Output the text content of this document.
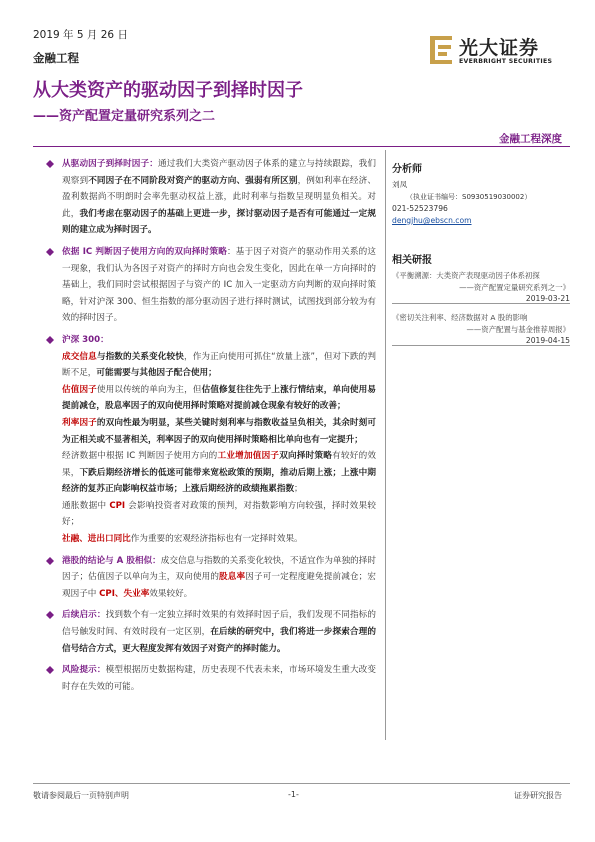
2019 年 5 月 26 日
金融工程	光大证券
EVERBRIGHT SECURITIES
从大类资产的驱动因子到择时因子
——资产配置定量研究系列之二
金融工程深度
从驱动因子到择时因子：通过我们大类资产驱动因子体系的建立与持续跟踪，我们观察到不同因子在不同阶段对资产的驱动方向、强弱有所区别，例如利率在经济、盈利数据尚不明朗时会率先驱动权益上涨，此时利率与指数呈现明显负相关。对此，我们考虑在驱动因子的基础上更进一步，探讨驱动因子是否有可能通过一定规则的建立成为择时因子。
依据 IC 判断因子使用方向的双向择时策略：基于因子对资产的驱动作用关系的这一现象，我们认为各因子对资产的择时方向也会发生变化，因此在单一方向择时的基础上，我们同时尝试根据因子与资产的 IC 加入一定驱动方向判断的双向择时策略，针对沪深 300、恒生指数的部分驱动因子进行择时测试，试图找到部分较为有效的择时因子。
沪深 300：
成交信息与指数的关系变化较快，作为正向使用可抓住“放量上涨”，但对下跌的判断不足，可能需要与其他因子配合使用；
估值因子使用以传统的单向为主，但估值修复往往先于上涨行情结束，单向使用易提前减仓，股息率因子的双向使用择时策略对提前减仓现象有较好的改善；
利率因子的双向性最为明显，某些关键时刻利率与指数收益呈负相关，其余时刻可为正相关或不显著相关，利率因子的双向使用择时策略相比单向也有一定提升；
经济数据中根据 IC 判断因子使用方向的工业增加值因子双向择时策略有较好的效果，下跌后期经济增长的低迷可能带来宽松政策的预期，推动后期上涨；上涨中期经济的复苏正向影响权益市场；上涨后期经济的政绩拖累指数；
通胀数据中 CPI 会影响投资者对政策的预判，对指数影响方向较强，择时效果较好；
社融、进出口同比作为重要的宏观经济指标也有一定择时效果。
港股的结论与 A 股相似：成交信息与指数的关系变化较快，不适宜作为单独的择时因子；估值因子以单向为主，双向使用的股息率因子可一定程度避免提前减仓；宏观因子中 CPI、失业率效果较好。
后续启示：找到数个有一定独立择时效果的有效择时因子后，我们发现不同指标的信号触发时间、有效时段有一定区别，在后续的研究中，我们将进一步探索合理的信号结合方式，更大程度发挥有效因子对资产的择时能力。
风险提示：模型根据历史数据构建，历史表现不代表未来，市场环境发生重大改变时存在失效的可能。
分析师
刘凤
（执业证书编号：S0930519030002）
021-52523796
dengjhu@ebscn.com
相关研报
《平衡溯源：大类资产表现驱动因子体系初探
——资产配置定量研究系列之一》
2019-03-21
《密切关注利率、经济数据对 A 股的影响
——资产配置与基金推荐周报》
2019-04-15
敬请参阅最后一页特别声明	-1-	证券研究报告
